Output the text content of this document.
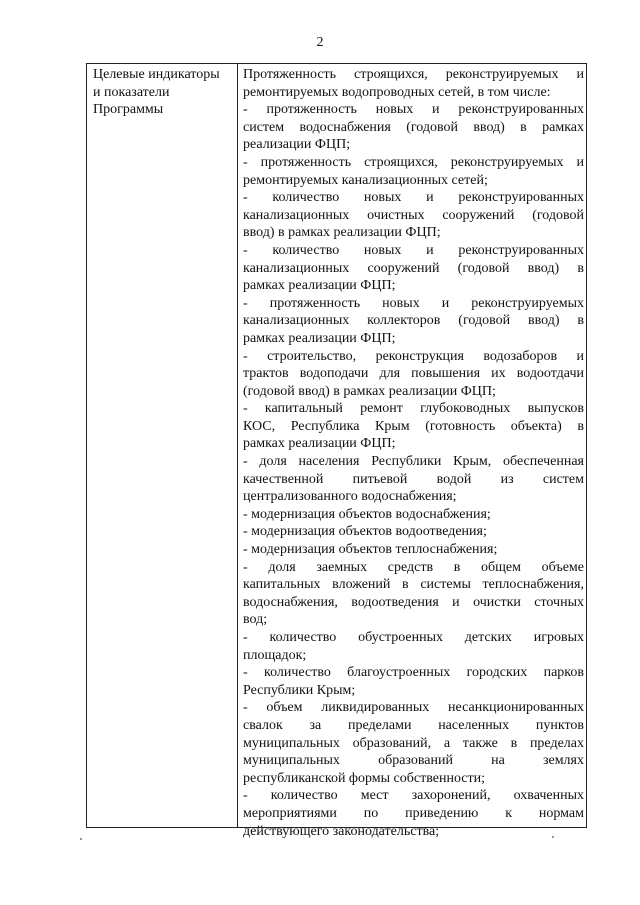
2
Целевые индикаторы
и показатели
Программы
Протяженность строящихся, реконструируемых и
ремонтируемых водопроводных сетей, в том числе:
- протяженность новых и реконструированных
систем водоснабжения (годовой ввод) в рамках
реализации ФЦП;
- протяженность строящихся, реконструируемых и
ремонтируемых канализационных сетей;
- количество новых и реконструированных
канализационных очистных сооружений (годовой
ввод) в рамках реализации ФЦП;
- количество новых и реконструированных
канализационных сооружений (годовой ввод) в
рамках реализации ФЦП;
- протяженность новых и реконструируемых
канализационных коллекторов (годовой ввод) в
рамках реализации ФЦП;
- строительство, реконструкция водозаборов и
трактов водоподачи для повышения их водоотдачи
(годовой ввод) в рамках реализации ФЦП;
- капитальный ремонт глубоководных выпусков
КОС, Республика Крым (готовность объекта) в
рамках реализации ФЦП;
- доля населения Республики Крым, обеспеченная
качественной питьевой водой из систем
централизованного водоснабжения;
- модернизация объектов водоснабжения;
- модернизация объектов водоотведения;
- модернизация объектов теплоснабжения;
- доля заемных средств в общем объеме
капитальных вложений в системы теплоснабжения,
водоснабжения, водоотведения и очистки сточных
вод;
- количество обустроенных детских игровых
площадок;
- количество благоустроенных городских парков
Республики Крым;
- объем ликвидированных несанкционированных
свалок за пределами населенных пунктов
муниципальных образований, а также в пределах
муниципальных образований на землях
республиканской формы собственности;
- количество мест захоронений, охваченных
мероприятиями по приведению к нормам
действующего законодательства;
